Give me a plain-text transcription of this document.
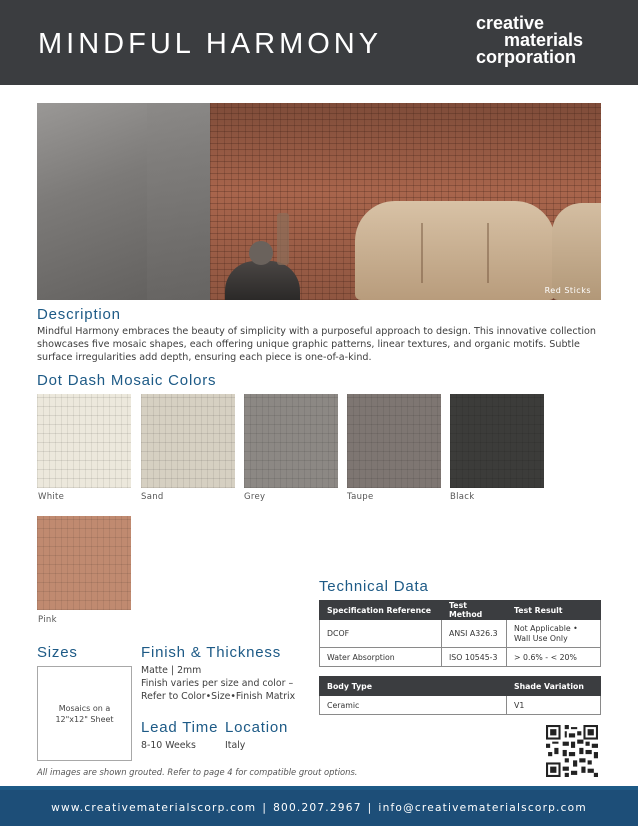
MINDFUL HARMONY
creative
materials
corporation
Red Sticks
Description
Mindful Harmony embraces the beauty of simplicity with a purposeful approach to design. This innovative collection showcases five mosaic shapes, each offering unique graphic patterns, linear textures, and organic motifs. Subtle surface irregularities add depth, ensuring each piece is one-of-a-kind.
Dot Dash Mosaic Colors
White	Sand	Grey	Taupe	Black
Pink
Technical Data
Specification Reference	Test Method	Test Result
DCOF	ANSI A326.3	Not Applicable •
Wall Use Only
Water Absorption	ISO 10545-3	> 0.6% - < 20%
Body Type	Shade Variation
Ceramic	V1
Sizes
Mosaics on a
12"x12" Sheet
Finish & Thickness
Matte | 2mm
Finish varies per size and color –
Refer to Color•Size•Finish Matrix
Lead Time
8-10 Weeks
Location
Italy
All images are shown grouted. Refer to page 4 for compatible grout options.
www.creativematerialscorp.com | 800.207.2967 | info@creativematerialscorp.com
